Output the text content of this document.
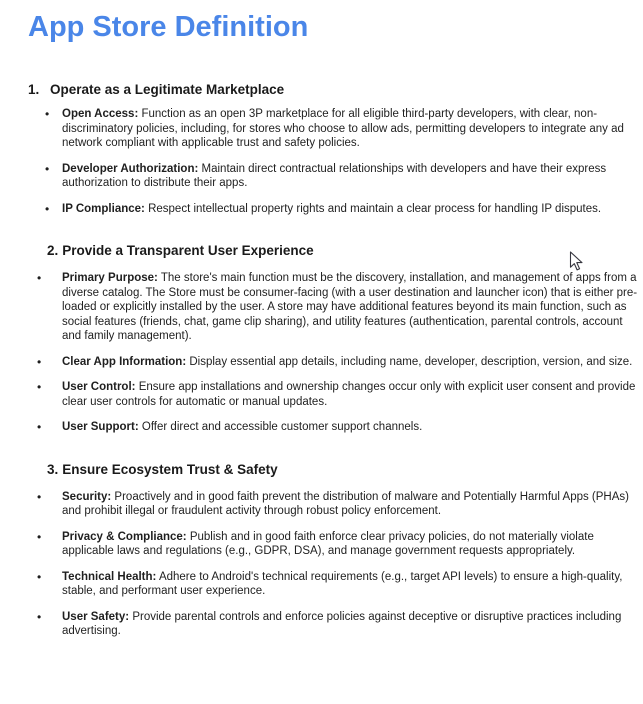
App Store Definition
1. Operate as a Legitimate Marketplace
• Open Access: Function as an open 3P marketplace for all eligible third-party developers, with clear, non-discriminatory policies, including, for stores who choose to allow ads, permitting developers to integrate any ad network compliant with applicable trust and safety policies.
• Developer Authorization: Maintain direct contractual relationships with developers and have their express authorization to distribute their apps.
• IP Compliance: Respect intellectual property rights and maintain a clear process for handling IP disputes.
2. Provide a Transparent User Experience
• Primary Purpose: The store's main function must be the discovery, installation, and management of apps from a diverse catalog. The Store must be consumer-facing (with a user destination and launcher icon) that is either pre-loaded or explicitly installed by the user. A store may have additional features beyond its main function, such as social features (friends, chat, game clip sharing), and utility features (authentication, parental controls, account and family management).
• Clear App Information: Display essential app details, including name, developer, description, version, and size.
• User Control: Ensure app installations and ownership changes occur only with explicit user consent and provide clear user controls for automatic or manual updates.
• User Support: Offer direct and accessible customer support channels.
3. Ensure Ecosystem Trust & Safety
• Security: Proactively and in good faith prevent the distribution of malware and Potentially Harmful Apps (PHAs) and prohibit illegal or fraudulent activity through robust policy enforcement.
• Privacy & Compliance: Publish and in good faith enforce clear privacy policies, do not materially violate applicable laws and regulations (e.g., GDPR, DSA), and manage government requests appropriately.
• Technical Health: Adhere to Android's technical requirements (e.g., target API levels) to ensure a high-quality, stable, and performant user experience.
• User Safety: Provide parental controls and enforce policies against deceptive or disruptive practices including advertising.
